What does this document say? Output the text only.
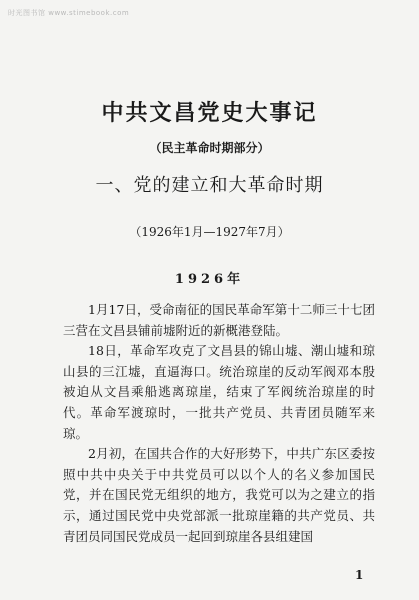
时光图书馆 www.stimebook.com
中共文昌党史大事记
（民主革命时期部分）
一、党的建立和大革命时期
（1926年1月—1927年7月）
1926年

1月17日，受命南征的国民革命军第十二师三十七团三营在文昌县铺前墟附近的新概港登陆。

18日，革命军攻克了文昌县的锦山墟、潮山墟和琼山县的三江墟，直逼海口。统治琼崖的反动军阀邓本殷被迫从文昌乘船逃离琼崖，结束了军阀统治琼崖的时代。革命军渡琼时，一批共产党员、共青团员随军来琼。

2月初，在国共合作的大好形势下，中共广东区委按照中共中央关于中共党员可以以个人的名义参加国民党，并在国民党无组织的地方，我党可以为之建立的指示，通过国民党中央党部派一批琼崖籍的共产党员、共青团员同国民党成员一起回到琼崖各县组建国

1
